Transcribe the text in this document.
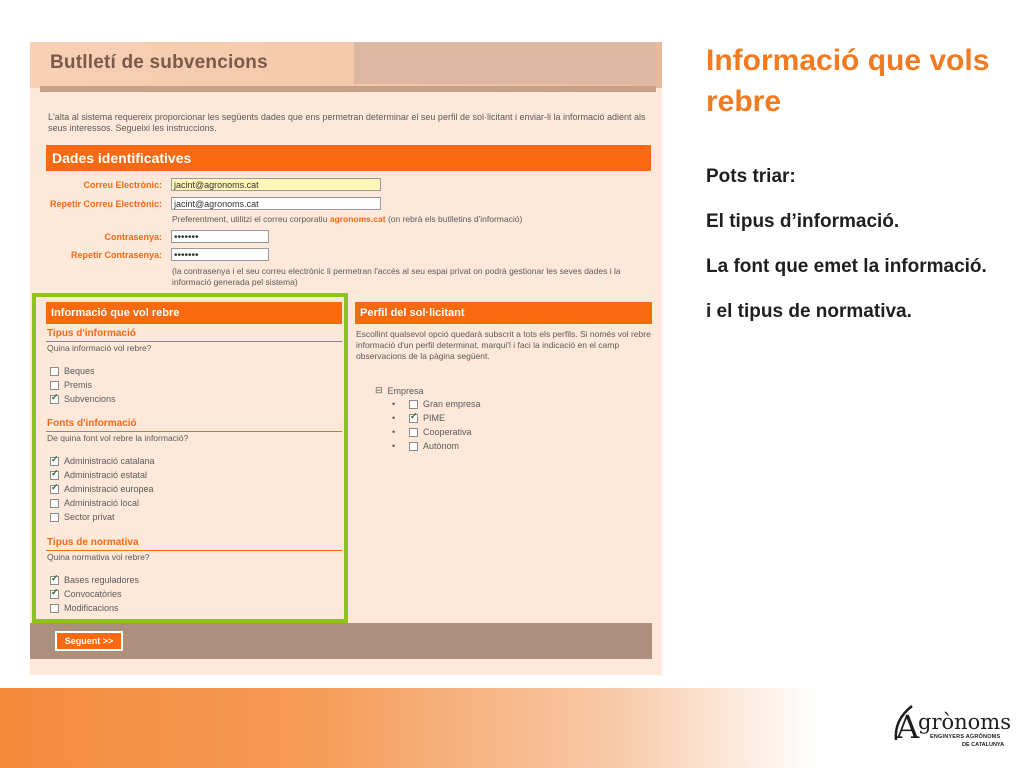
Butlletí de subvencions
L'alta al sistema requereix proporcionar les següents dades que ens permetran determinar el seu perfil de sol·licitant i enviar-li la informació adient als seus interessos. Segueixi les instruccions.
Dades identificatives
Correu Electrònic:	jacint@agronoms.cat
Repetir Correu Electrònic:	jacint@agronoms.cat
Preferentment, utilitzi el correu corporatiu agronoms.cat (on rebrà els butlletins d'informació)
Contrasenya:	•••••••
Repetir Contrasenya:	•••••••
(la contrasenya i el seu correu electrònic li permetran l'accés al seu espai privat on podrà gestionar les seves dades i la informació generada pel sistema)
Informació que vol rebre
Tipus d'informació
Quina informació vol rebre?
Beques
Premis
✓
Subvencions
Fonts d'informació
De quina font vol rebre la informació?
✓
Administració catalana
✓
Administració estatal
✓
Administració europea
Administració local
Sector privat
Tipus de normativa
Quina normativa vol rebre?
✓
Bases reguladores
✓
Convocatòries
Modificacions
Perfil del sol·licitant
Escollint qualsevol opció quedarà subscrit a tots els perfils. Si només vol rebre informació d'un perfil determinat, marqui'l i faci la indicació en el camp observacions de la pàgina següent.
⊟ Empresa
•	Gran empresa
•
✓	PIME
•	Cooperativa
•	Autònom
Seguent >>
Informació que vols rebre

Pots triar:

El tipus d’informació.

La font que emet la informació.

i el tipus de normativa.

A
grònoms
ENGINYERS AGRÒNOMS
DE CATALUNYA
